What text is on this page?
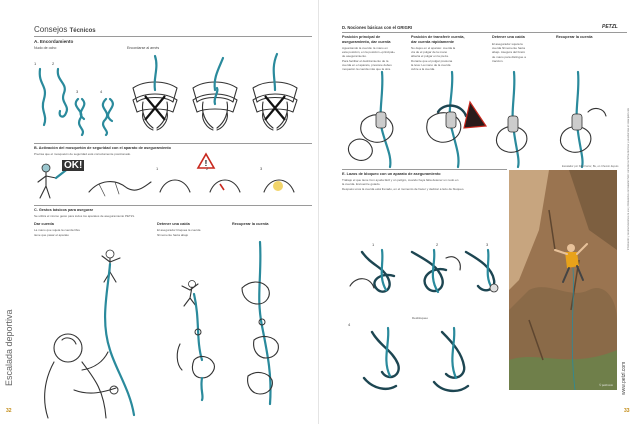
Escalada deportiva
32
Consejos Técnicos
A. Encordamiento
Nudo de ocho	Encordarse al arnés
1	2
3	4
B. Activación del mosquetón de seguridad con el aparato de aseguramiento
Precisa que el mosquetón de seguridad esté correctamente posicionado.
OK!	!
1	2	3
C. Gestos básicos para asegurar
Se utiliza el mismo gesto para todos los aparatos de aseguramiento PETZL
Dar cuerda
La mano que sujeta la cuerda libre
tiene que pasar el aparato
Detener una caída
El asegurador bloquea la cuerda
firmemente hacia abajo
Recuperar la cuerda
D. Nociones básicas con el GRIGRI	PETZL
Posición principal de
aseguramiento, dar cuerda
Aguantando la cuerda: la mano en
esta posición, en la posición «principal»
de aseguramiento.
Para facilitar el deslizamiento de la
cuerda en el aparato, presione debes
moquetón la cuerda más que la otra.
Posición de transferir cuerda,
dar cuerda rápidamente
No dejes en el aparato: cuerda la
vía de el pulgar de la mano
abierta el pulgar en la pieza.
Durante que el pulgar presiona
la leva: La mano de la cuerda
cubre a la cuerda.
Detener una caída
El asegurador sujeta la
cuerda firmemente hacia
abajo. Asegura del brazo
de mano para distingue a
tracción.
Recuperar la cuerda
Escalador por Kiko Ferrer, Bu, en Chemin depuis
E. Lazos de bloqueo con un aparato de aseguramiento
Trabajo el que tiene Con ayuda fácil y un peligro, cuando haya falta detener un nudo en
la cuerda. Encuentre guiado.
Después unos la cuerda está frenado, en el momento de hacer y dedicar a lazo de bloqueo.
1	2	3
4
Desbloqueo
© petzl.com
Información y recomendaciones de uso y limitaciones del material Petzl: consulte las fichas técnicas y advertencias en www.petzl.com
www.petzl.com
33
